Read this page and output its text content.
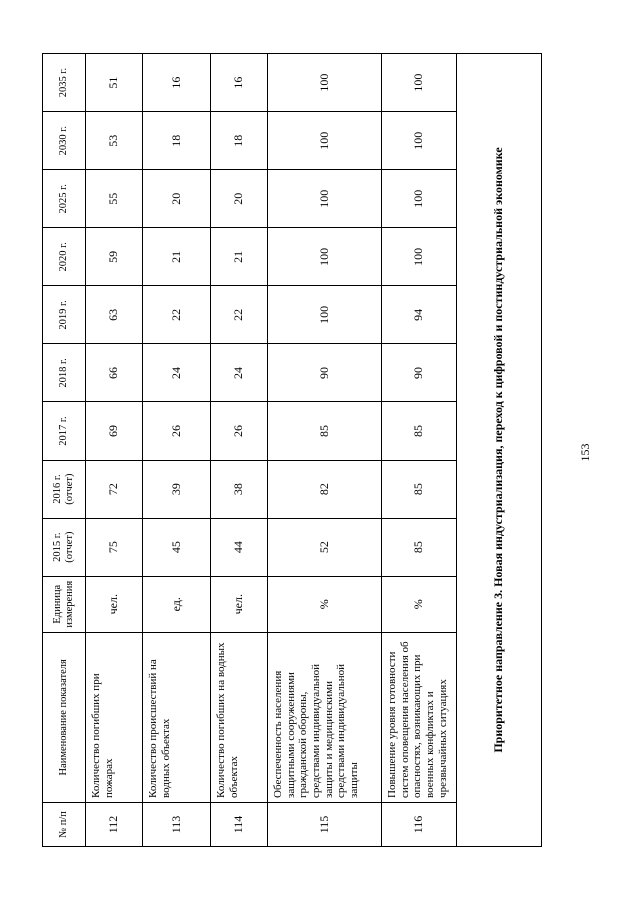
№ п/п	Наименование показателя	Единица измерения	2015 г. (отчет)	2016 г. (отчет)	2017 г.	2018 г.	2019 г.	2020 г.	2025 г.	2030 г.	2035 г.
112	Количество погибших при пожарах	чел.	75	72	69	66	63	59	55	53	51
113	Количество происшествий на водных объектах	ед.	45	39	26	24	22	21	20	18	16
114	Количество погибших на водных объектах	чел.	44	38	26	24	22	21	20	18	16
115	Обеспеченность населения защитными сооружениями гражданской обороны, средствами индивидуальной защиты и медицинскими средствами индивидуальной защиты	%	52	82	85	90	100	100	100	100	100
116	Повышение уровня готовности систем оповещения населения об опасностях, возникающих при военных конфликтах и чрезвычайных ситуациях	%	85	85	85	90	94	100	100	100	100
Приоритетное направление 3. Новая индустриализация, переход к цифровой и постиндустриальной экономике												153
